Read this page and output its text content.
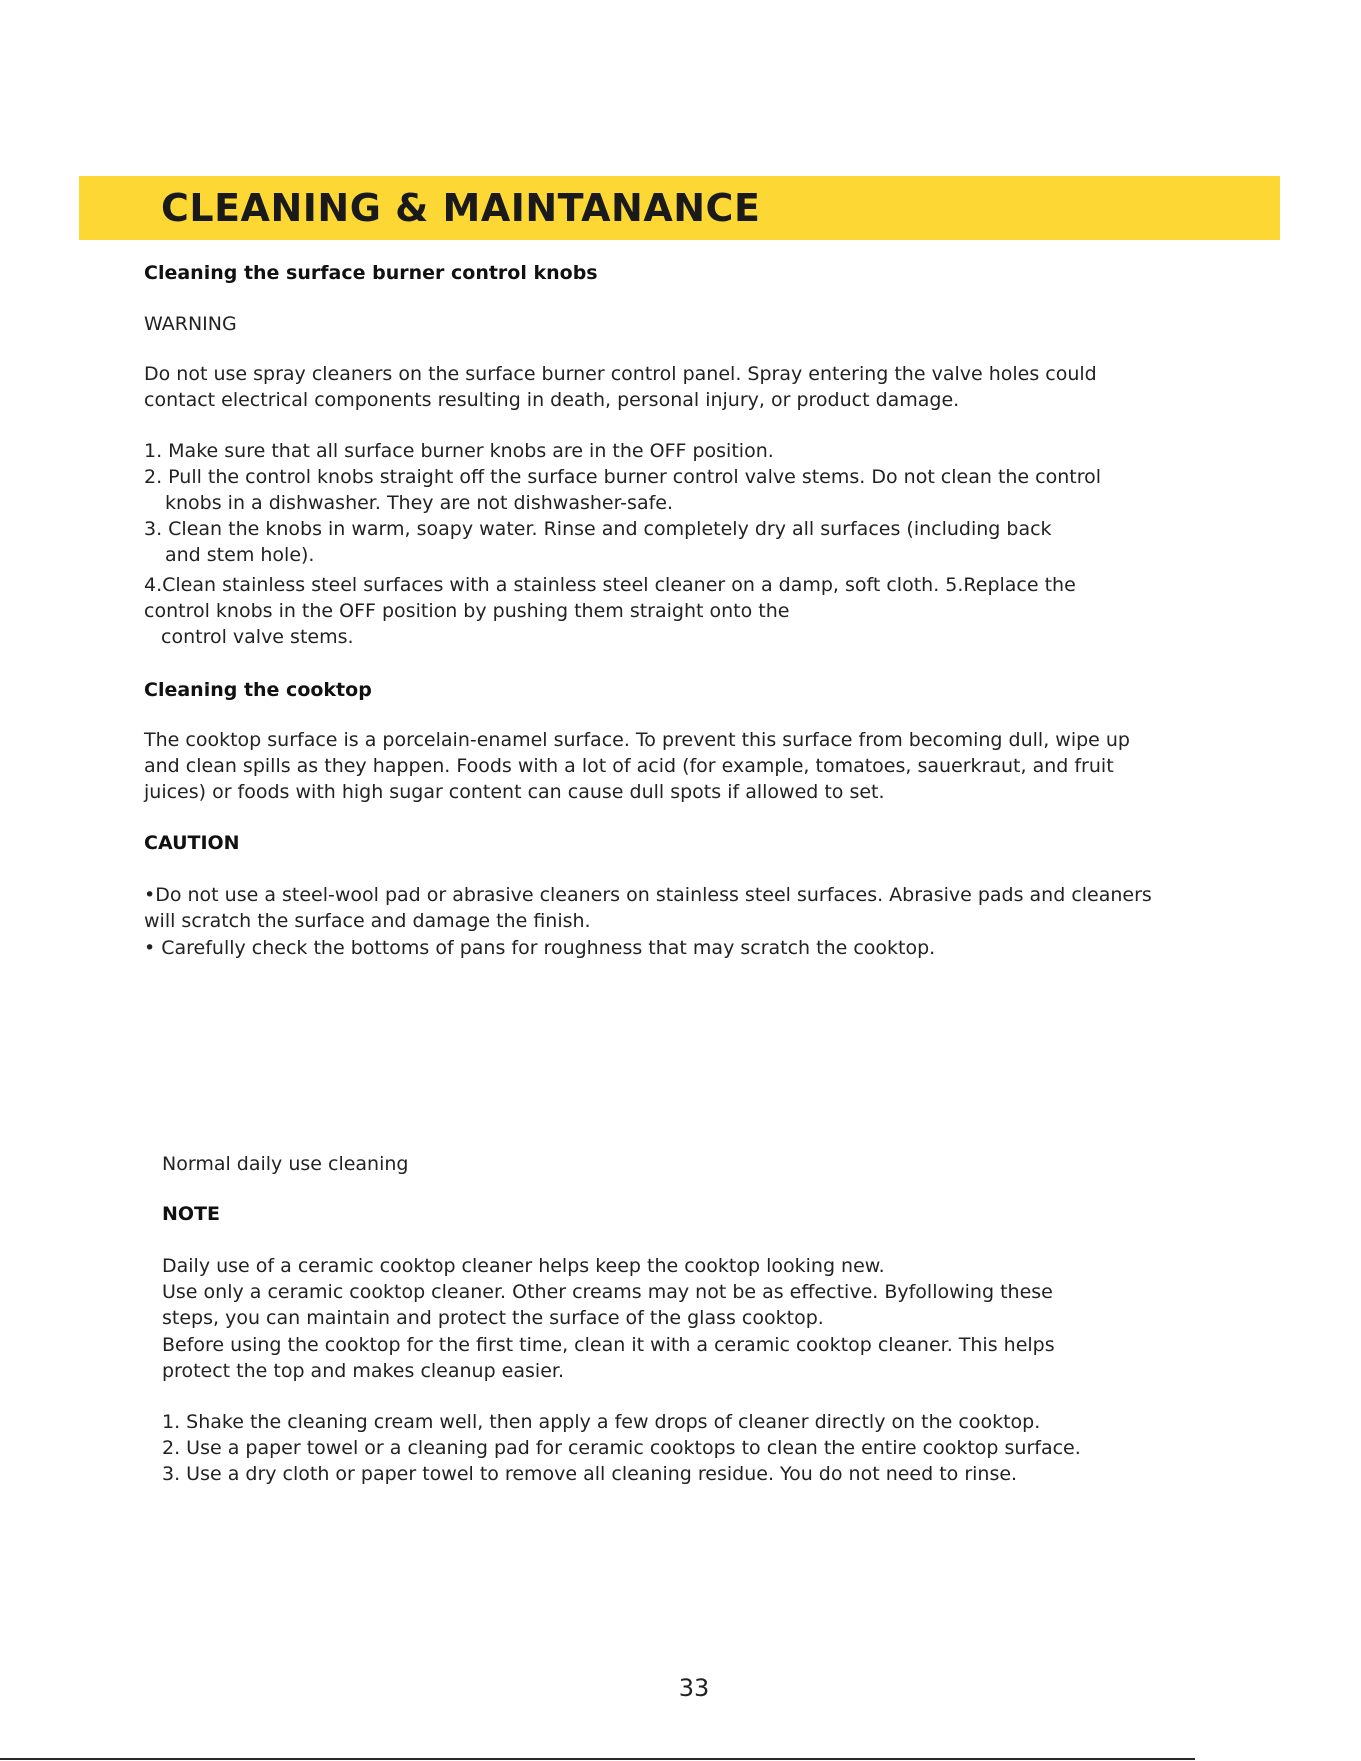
CLEANING & MAINTANANCE
Cleaning the surface burner control knobs
WARNING
Do not use spray cleaners on the surface burner control panel. Spray entering the valve holes could
contact electrical components resulting in death, personal injury, or product damage.
1. Make sure that all surface burner knobs are in the OFF position.
2. Pull the control knobs straight off the surface burner control valve stems. Do not clean the control
knobs in a dishwasher. They are not dishwasher-safe.
3. Clean the knobs in warm, soapy water. Rinse and completely dry all surfaces (including back
and stem hole).
4.Clean stainless steel surfaces with a stainless steel cleaner on a damp, soft cloth. 5.Replace the
control knobs in the OFF position by pushing them straight onto the
control valve stems.
Cleaning the cooktop
The cooktop surface is a porcelain-enamel surface. To prevent this surface from becoming dull, wipe up
and clean spills as they happen. Foods with a lot of acid (for example, tomatoes, sauerkraut, and fruit
juices) or foods with high sugar content can cause dull spots if allowed to set.
CAUTION
•Do not use a steel-wool pad or abrasive cleaners on stainless steel surfaces. Abrasive pads and cleaners
will scratch the surface and damage the finish.
• Carefully check the bottoms of pans for roughness that may scratch the cooktop.
Normal daily use cleaning
NOTE
Daily use of a ceramic cooktop cleaner helps keep the cooktop looking new.
Use only a ceramic cooktop cleaner. Other creams may not be as effective. Byfollowing these
steps, you can maintain and protect the surface of the glass cooktop.
Before using the cooktop for the first time, clean it with a ceramic cooktop cleaner. This helps
protect the top and makes cleanup easier.
1. Shake the cleaning cream well, then apply a few drops of cleaner directly on the cooktop.
2. Use a paper towel or a cleaning pad for ceramic cooktops to clean the entire cooktop surface.
3. Use a dry cloth or paper towel to remove all cleaning residue. You do not need to rinse.
33
